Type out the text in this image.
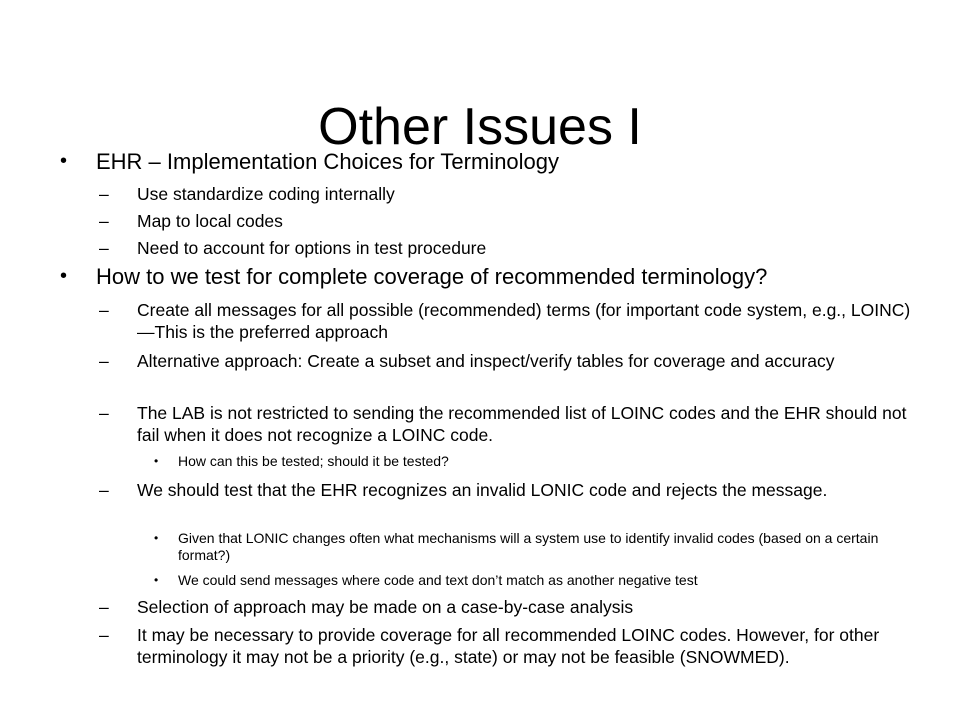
Other Issues I
• EHR – Implementation Choices for Terminology
– Use standardize coding internally
– Map to local codes
– Need to account for options in test procedure
• How to we test for complete coverage of recommended terminology?
– Create all messages for all possible (recommended) terms (for important code system, e.g., LOINC)—This is the preferred approach
– Alternative approach: Create a subset and inspect/verify tables for coverage and accuracy
– The LAB is not restricted to sending the recommended list of LOINC codes and the EHR should not fail when it does not recognize a LOINC code.
• How can this be tested; should it be tested?
– We should test that the EHR recognizes an invalid LONIC code and rejects the message.
• Given that LONIC changes often what mechanisms will a system use to identify invalid codes (based on a certain format?)
• We could send messages where code and text don’t match as another negative test
– Selection of approach may be made on a case-by-case analysis
– It may be necessary to provide coverage for all recommended LOINC codes. However, for other terminology it may not be a priority (e.g., state) or may not be feasible (SNOWMED).
